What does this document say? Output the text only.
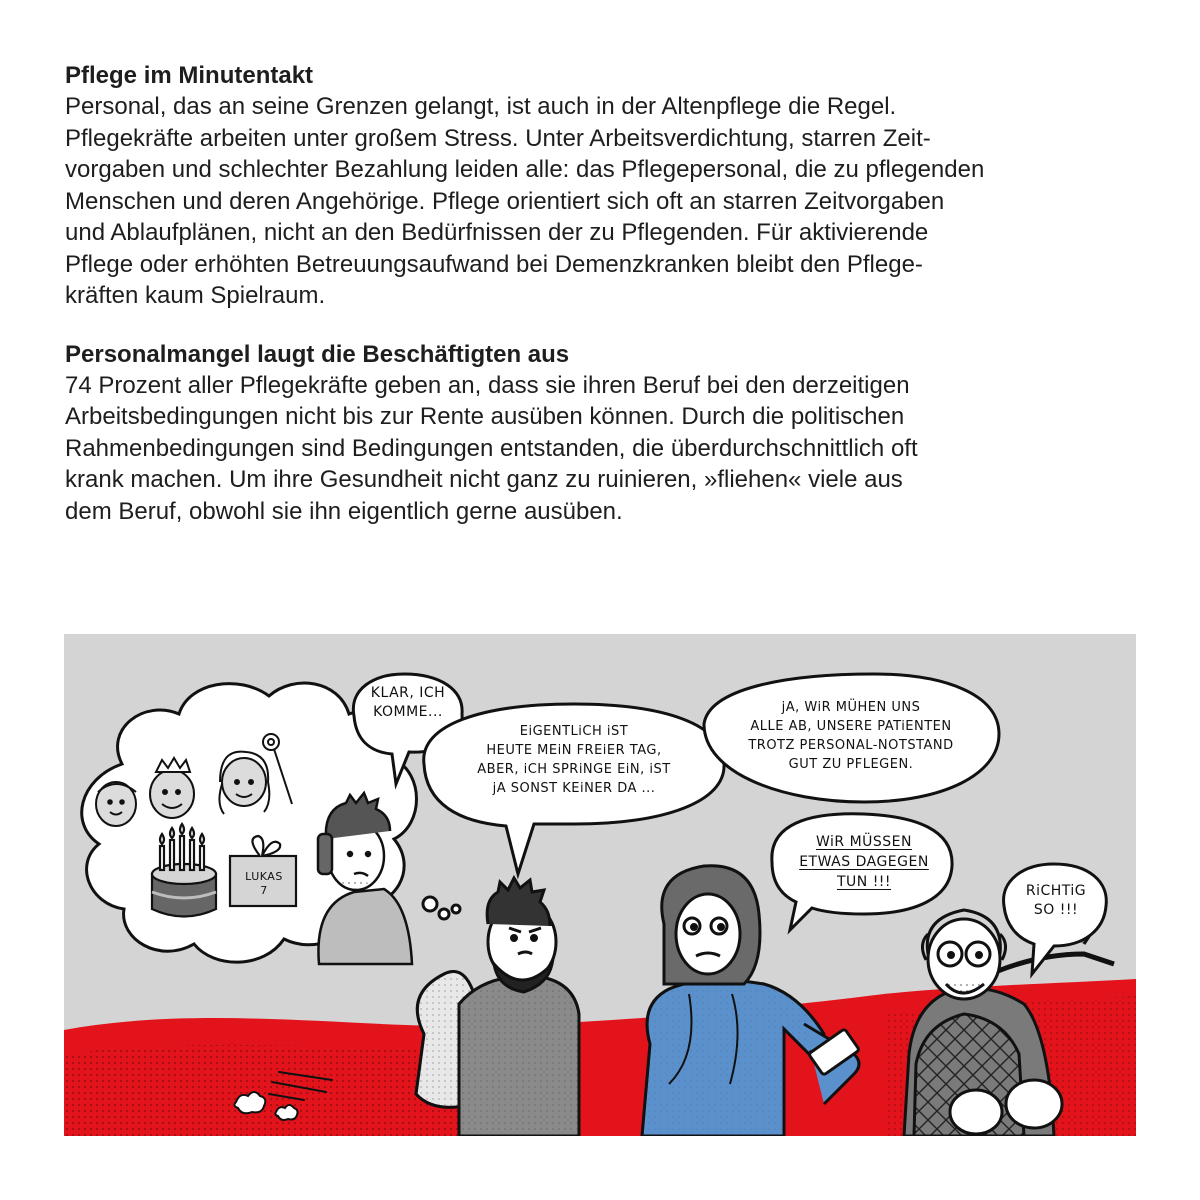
Pflege im Minutentakt

Personal, das an seine Grenzen gelangt, ist auch in der Altenpflege die Regel.
Pflegekräfte arbeiten unter großem Stress. Unter Arbeitsverdichtung, starren Zeit-
vorgaben und schlechter Bezahlung leiden alle: das Pflegepersonal, die zu pflegenden
Menschen und deren Angehörige. Pflege orientiert sich oft an starren Zeitvorgaben
und Ablaufplänen, nicht an den Bedürfnissen der zu Pflegenden. Für aktivierende
Pflege oder erhöhten Betreuungsaufwand bei Demenzkranken bleibt den Pflege-
kräften kaum Spielraum.

Personalmangel laugt die Beschäftigten aus

74 Prozent aller Pflegekräfte geben an, dass sie ihren Beruf bei den derzeitigen
Arbeitsbedingungen nicht bis zur Rente ausüben können. Durch die politischen
Rahmenbedingungen sind Bedingungen entstanden, die überdurchschnittlich oft
krank machen. Um ihre Gesundheit nicht ganz zu ruinieren, »fliehen« viele aus
dem Beruf, obwohl sie ihn eigentlich gerne ausüben.

KLAR, ICH
KOMME...
EiGENTLiCH iST
HEUTE MEiN FREiER TAG,
ABER, iCH SPRiNGE EiN, iST
jA SONST KEiNER DA ...
jA, WiR MÜHEN UNS
ALLE AB, UNSERE PATiENTEN
TROTZ PERSONAL-NOTSTAND
GUT ZU PFLEGEN.
WiR MÜSSEN
ETWAS DAGEGEN
TUN !!!
RiCHTiG
SO !!!
LUKAS
7
